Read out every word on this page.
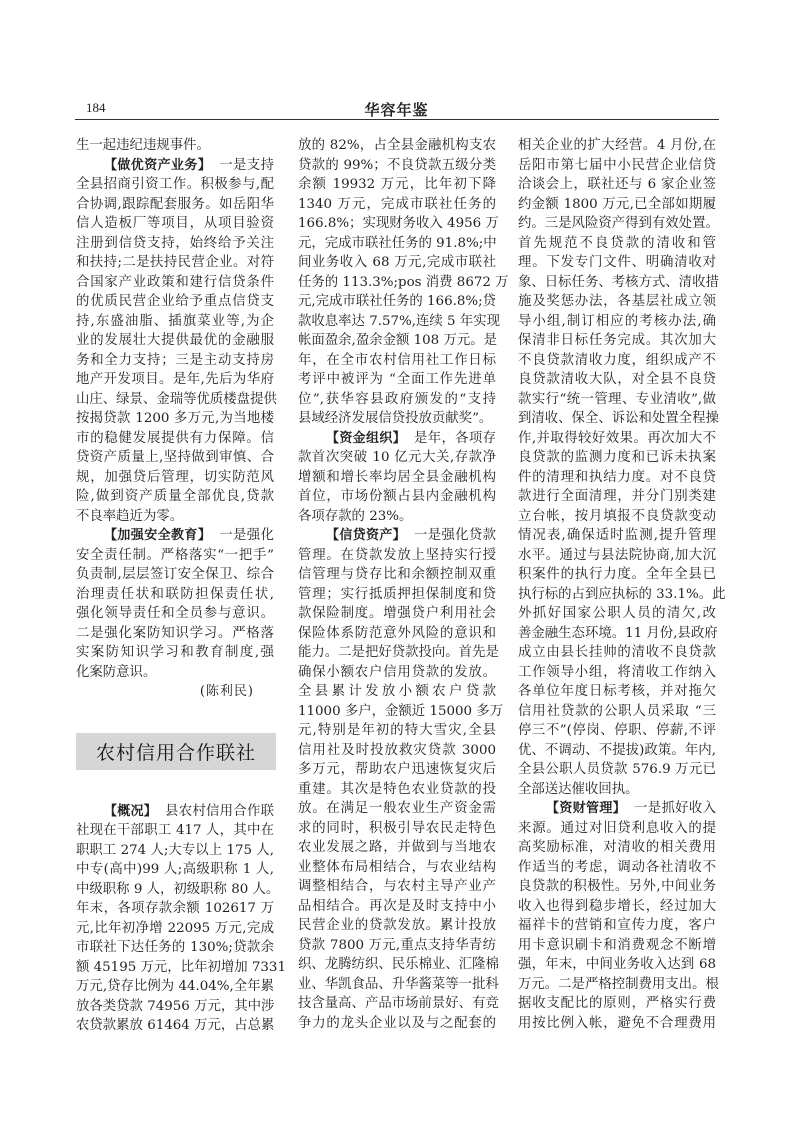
184	华容年鉴
生一起违纪违规事件。
【做优资产业务】 一是支持
全县招商引资工作。积极参与,配
合协调,跟踪配套服务。如岳阳华
信人造板厂等项目，从项目验资
注册到信贷支持，始终给予关注
和扶持;二是扶持民营企业。对符
合国家产业政策和建行信贷条件
的优质民营企业给予重点信贷支
持,东盛油脂、插旗菜业等,为企
业的发展壮大提供最优的金融服
务和全力支持；三是主动支持房
地产开发项目。是年,先后为华府
山庄、绿景、金瑞等优质楼盘提供
按揭贷款 1200 多万元,为当地楼
市的稳健发展提供有力保障。信
贷资产质量上,坚持做到审慎、合
规，加强贷后管理，切实防范风
险,做到资产质量全部优良,贷款
不良率趋近为零。
【加强安全教育】 一是强化
安全责任制。严格落实“一把手”
负责制,层层签订安全保卫、综合
治理责任状和联防担保责任状,
强化领导责任和全员参与意识。
二是强化案防知识学习。严格落
实案防知识学习和教育制度,强
化案防意识。
(陈利民)
农村信用合作联社
【概况】 县农村信用合作联
社现在干部职工 417 人，其中在
职职工 274 人;大专以上 175 人,
中专(高中)99 人;高级职称 1 人,
中级职称 9 人，初级职称 80 人。
年末，各项存款余额 102617 万
元,比年初净增 22095 万元,完成
市联社下达任务的 130%;贷款余
额 45195 万元，比年初增加 7331
万元,贷存比例为 44.04%,全年累
放各类贷款 74956 万元，其中涉
农贷款累放 61464 万元，占总累
放的 82%，占全县金融机构支农
贷款的 99%；不良贷款五级分类
余额 19932 万元，比年初下降
1340 万元，完成市联社任务的
166.8%；实现财务收入 4956 万
元，完成市联社任务的 91.8%;中
间业务收入 68 万元,完成市联社
任务的 113.3%;pos 消费 8672 万
元,完成市联社任务的 166.8%;贷
款收息率达 7.57%,连续 5 年实现
帐面盈余,盈余金额 108 万元。是
年，在全市农村信用社工作日标
考评中被评为 “全面工作先进单
位”,获华容县政府颁发的“支持
县域经济发展信贷投放贡献奖”。
【资金组织】 是年，各项存
款首次突破 10 亿元大关,存款净
增额和增长率均居全县金融机构
首位，市场份额占县内金融机构
各项存款的 23%。
【信贷资产】 一是强化贷款
管理。在贷款发放上坚持实行授
信管理与贷存比和余额控制双重
管理；实行抵质押担保制度和贷
款保险制度。增强贷户利用社会
保险体系防范意外风险的意识和
能力。二是把好贷款投向。首先是
确保小额农户信用贷款的发放。
全县累计发放小额农户贷款
11000 多户，金额近 15000 多万
元,特别是年初的特大雪灾,全县
信用社及时投放救灾贷款 3000
多万元，帮助农户迅速恢复灾后
重建。其次是特色农业贷款的投
放。在满足一般农业生产资金需
求的同时，积极引导农民走特色
农业发展之路，并做到与当地农
业整体布局相结合，与农业结构
调整相结合，与农村主导产业产
品相结合。再次是及时支持中小
民营企业的贷款发放。累计投放
贷款 7800 万元,重点支持华青纺
织、龙腾纺织、民乐棉业、汇隆棉
业、华凯食品、升华酱菜等一批科
技含量高、产品市场前景好、有竞
争力的龙头企业以及与之配套的
相关企业的扩大经营。4 月份,在
岳阳市第七届中小民营企业信贷
洽谈会上，联社还与 6 家企业签
约金额 1800 万元,已全部如期履
约。三是风险资产得到有效处置。
首先规范不良贷款的清收和管
理。下发专门文件、明确清收对
象、日标任务、考核方式、清收措
施及奖惩办法，各基层社成立领
导小组,制订相应的考核办法,确
保清非日标任务完成。其次加大
不良贷款清收力度，组织成产不
良贷款清收大队，对全县不良贷
款实行“统一管理、专业清收”,做
到清收、保全、诉讼和处置全程操
作,并取得较好效果。再次加大不
良贷款的监测力度和已诉未执案
件的清理和执结力度。对不良贷
款进行全面清理，并分门别类建
立台帐，按月填报不良贷款变动
情况表,确保适时监测,提升管理
水平。通过与县法院协商,加大沉
积案件的执行力度。全年全县已
执行标的占到应执标的 33.1%。此
外抓好国家公职人员的清欠,改
善金融生态环境。11 月份,县政府
成立由县长挂帅的清收不良贷款
工作领导小组，将清收工作纳入
各单位年度日标考核，并对拖欠
信用社贷款的公职人员采取 “三
停三不”(停岗、停职、停薪,不评
优、不调动、不提拔)政策。年内,
全县公职人员贷款 576.9 万元已
全部送达催收回执。
【资财管理】 一是抓好收入
来源。通过对旧贷利息收入的提
高奖励标准，对清收的相关费用
作适当的考虑，调动各社清收不
良贷款的积极性。另外,中间业务
收入也得到稳步增长，经过加大
福祥卡的营销和宣传力度，客户
用卡意识刷卡和消费观念不断增
强，年末，中间业务收入达到 68
万元。二是严格控制费用支出。根
据收支配比的原则，严格实行费
用按比例入帐，避免不合理费用
